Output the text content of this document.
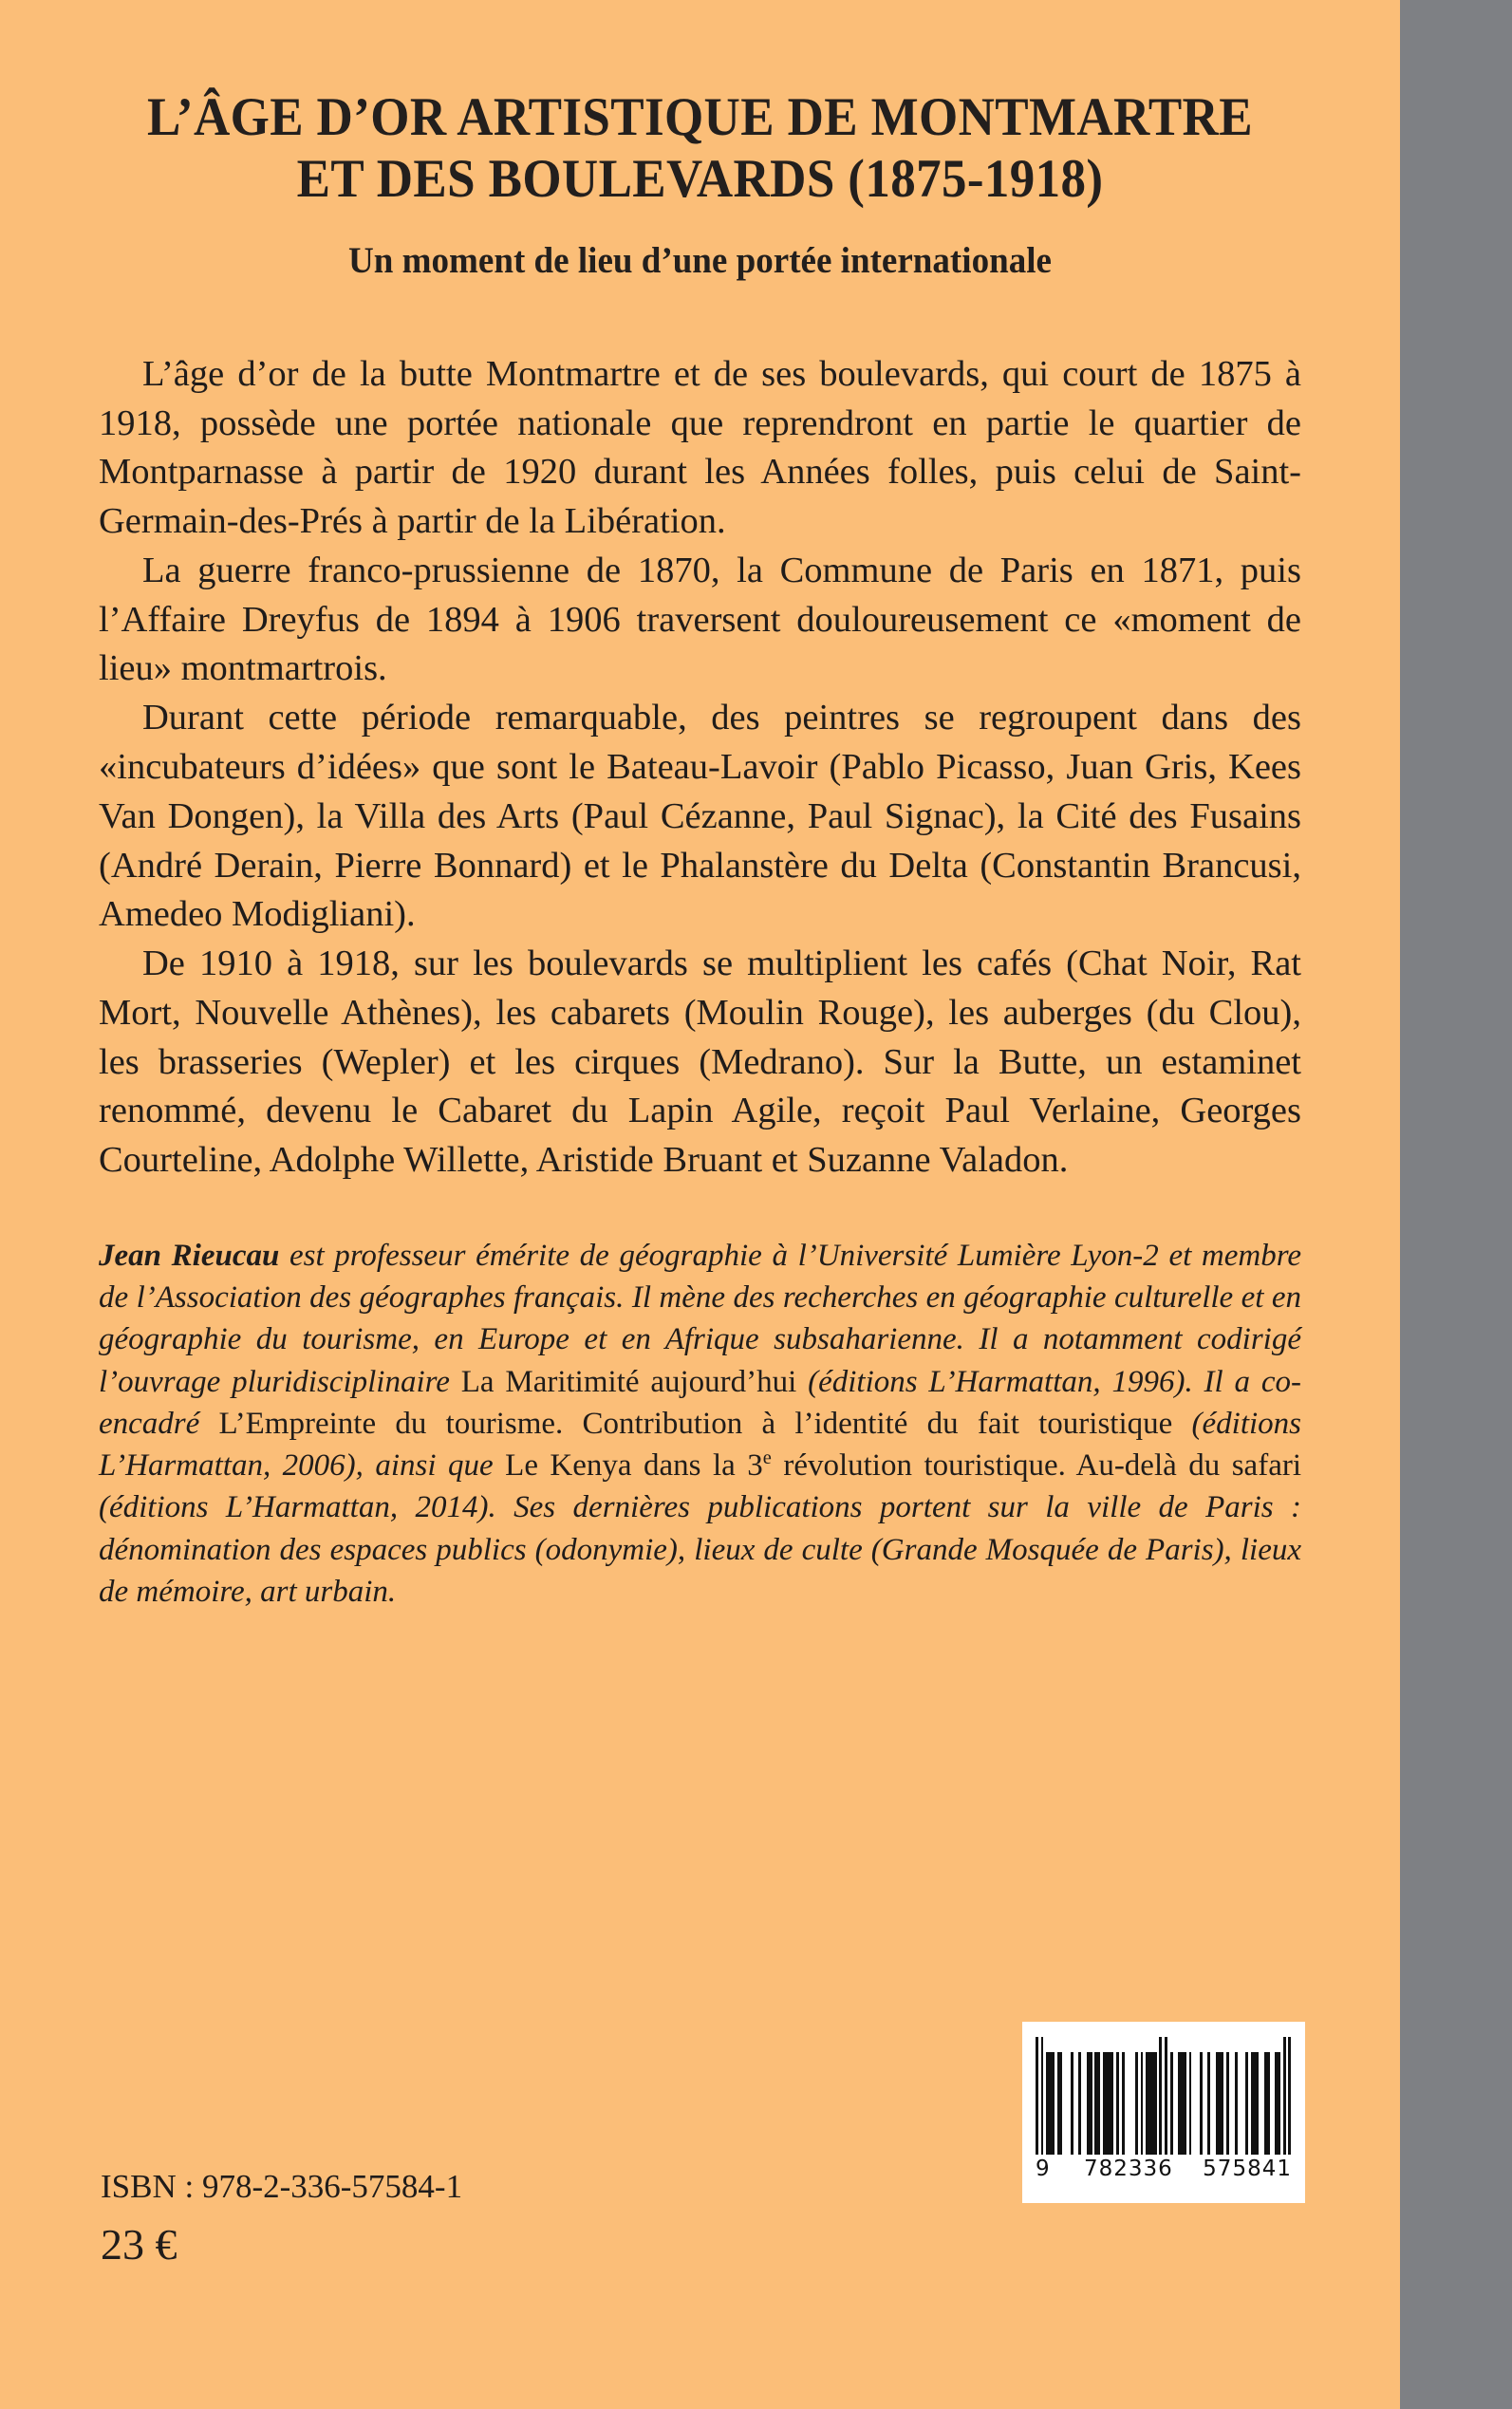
L’ÂGE D’OR ARTISTIQUE DE MONTMARTRE
ET DES BOULEVARDS (1875-1918)
Un moment de lieu d’une portée internationale

L’âge d’or de la butte Montmartre et de ses boulevards, qui court de 1875 à 1918, possède une portée nationale que reprendront en partie le quartier de Montparnasse à partir de 1920 durant les Années folles, puis celui de Saint-Germain-des-Prés à partir de la Libération.

La guerre franco-prussienne de 1870, la Commune de Paris en 1871, puis l’Affaire Dreyfus de 1894 à 1906 traversent douloureusement ce «moment de lieu» montmartrois.

Durant cette période remarquable, des peintres se regroupent dans des «incubateurs d’idées» que sont le Bateau-Lavoir (Pablo Picasso, Juan Gris, Kees Van Dongen), la Villa des Arts (Paul Cézanne, Paul Signac), la Cité des Fusains (André Derain, Pierre Bonnard) et le Phalanstère du Delta (Constantin Brancusi, Amedeo Modigliani).

De 1910 à 1918, sur les boulevards se multiplient les cafés (Chat Noir, Rat Mort, Nouvelle Athènes), les cabarets (Moulin Rouge), les auberges (du Clou), les brasseries (Wepler) et les cirques (Medrano). Sur la Butte, un estaminet renommé, devenu le Cabaret du Lapin Agile, reçoit Paul Verlaine, Georges Courteline, Adolphe Willette, Aristide Bruant et Suzanne Valadon.

Jean Rieucau est professeur émérite de géographie à l’Université Lumière Lyon-2 et membre de l’Association des géographes français. Il mène des recherches en géographie culturelle et en géographie du tourisme, en Europe et en Afrique subsaharienne. Il a notamment codirigé l’ouvrage pluridisciplinaire La Maritimité aujourd’hui (éditions L’Harmattan, 1996). Il a co-encadré L’Empreinte du tourisme. Contribution à l’identité du fait touristique (éditions L’Harmattan, 2006), ainsi que Le Kenya dans la 3e révolution touristique. Au-delà du safari (éditions L’Harmattan, 2014). Ses dernières publications portent sur la ville de Paris : dénomination des espaces publics (odonymie), lieux de culte (Grande Mosquée de Paris), lieux de mémoire, art urbain.

ISBN : 978-2-336-57584-1
23 €
9 782336 575841
